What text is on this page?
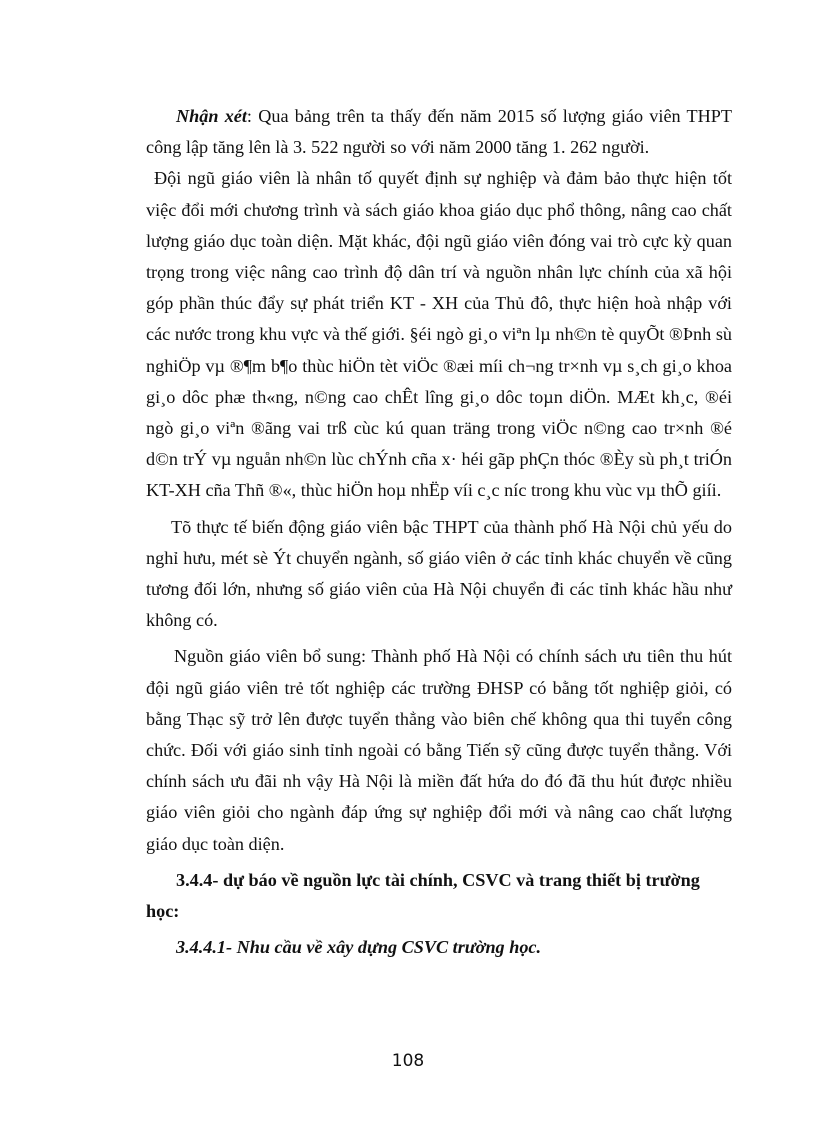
Nhận xét: Qua bảng trên ta thấy đến năm 2015 số lượng giáo viên THPT công lập tăng lên là 3. 522 người so với năm 2000 tăng 1. 262 người.

Đội ngũ giáo viên là nhân tố quyết định sự nghiệp và đảm bảo thực hiện tốt việc đổi mới chương trình và sách giáo khoa giáo dục phổ thông, nâng cao chất lượng giáo dục toàn diện. Mặt khác, đội ngũ giáo viên đóng vai trò cực kỳ quan trọng trong việc nâng cao trình độ dân trí và nguồn nhân lực chính của xã hội góp phần thúc đẩy sự phát triển KT - XH của Thủ đô, thực hiện hoà nhập với các nước trong khu vực và thế giới. §éi ngò gi¸o viªn lµ nh©n tè quyÕt ®Þnh sù nghiÖp vµ ®¶m b¶o thùc hiÖn tèt viÖc ®æi míi ch¬ng tr×nh vµ s¸ch gi¸o khoa gi¸o dôc phæ th«ng, n©ng cao chÊt lîng gi¸o dôc toµn diÖn. MÆt kh¸c, ®éi ngò gi¸o viªn ®ãng vai trß cùc kú quan träng trong viÖc n©ng cao tr×nh ®é d©n trÝ vµ nguån nh©n lùc chÝnh cña x· héi gãp phÇn thóc ®Èy sù ph¸t triÓn KT-XH cña Thñ ®«, thùc hiÖn hoµ nhËp víi c¸c níc trong khu vùc vµ thÕ giíi.

Tõ thực tế biến động giáo viên bậc THPT của thành phố Hà Nội chủ yếu do nghỉ hưu, mét sè Ýt chuyển ngành, số giáo viên ở các tỉnh khác chuyển về cũng tương đối lớn, nhưng số giáo viên của Hà Nội chuyển đi các tỉnh khác hầu như không có.

Nguồn giáo viên bổ sung: Thành phố Hà Nội có chính sách ưu tiên thu hút đội ngũ giáo viên trẻ tốt nghiệp các trường ĐHSP có bằng tốt nghiệp giỏi, có bằng Thạc sỹ trở lên được tuyển thẳng vào biên chế không qua thi tuyển công chức. Đối với giáo sinh tỉnh ngoài có bằng Tiến sỹ cũng được tuyển thẳng. Với chính sách ưu đãi nh vậy Hà Nội là miền đất hứa do đó đã thu hút được nhiều giáo viên giỏi cho ngành đáp ứng sự nghiệp đổi mới và nâng cao chất lượng giáo dục toàn diện.

3.4.4- dự báo về nguồn lực tài chính, CSVC và trang thiết bị trường học:

3.4.4.1- Nhu cầu về xây dựng CSVC trường học.

108
